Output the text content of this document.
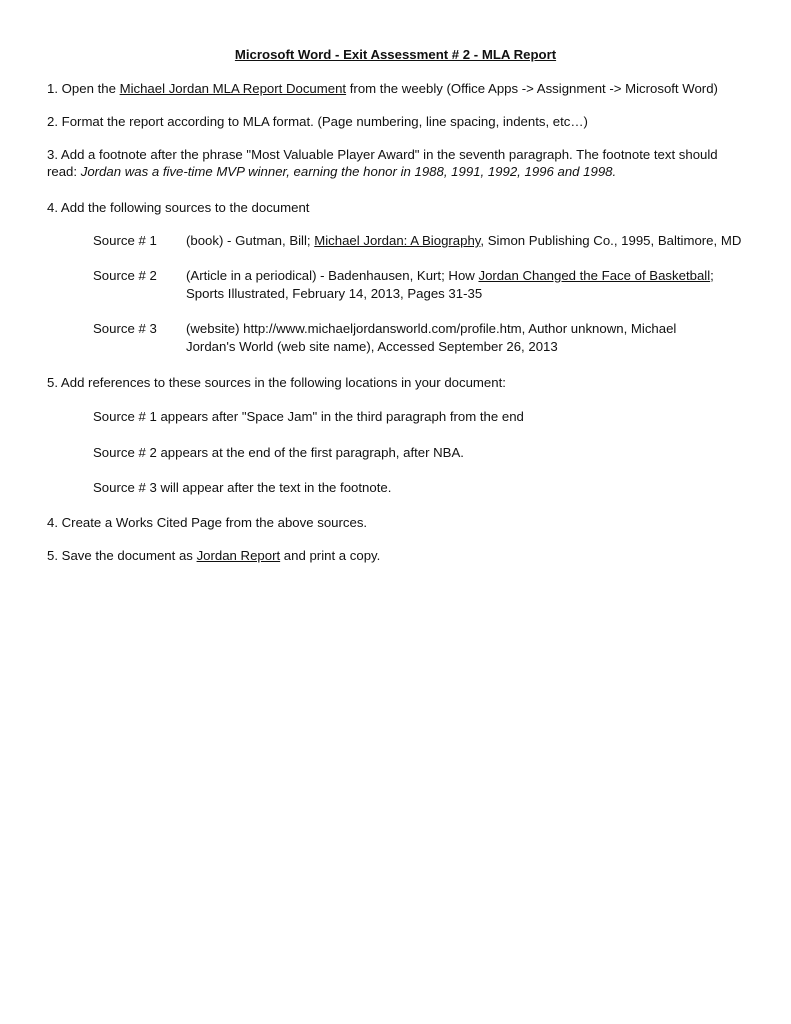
Microsoft Word - Exit Assessment # 2 - MLA Report
1. Open the Michael Jordan MLA Report Document from the weebly (Office Apps -> Assignment -> Microsoft Word)
2. Format the report according to MLA format. (Page numbering, line spacing, indents, etc…)
3. Add a footnote after the phrase "Most Valuable Player Award" in the seventh paragraph. The footnote text should
read: Jordan was a five-time MVP winner, earning the honor in 1988, 1991, 1992, 1996 and 1998.
4. Add the following sources to the document
Source # 1 (book) - Gutman, Bill; Michael Jordan: A Biography, Simon Publishing Co., 1995, Baltimore, MD
Source # 2 (Article in a periodical) - Badenhausen, Kurt; How Jordan Changed the Face of Basketball;
Sports Illustrated, February 14, 2013, Pages 31-35
Source # 3 (website) http://www.michaeljordansworld.com/profile.htm, Author unknown, Michael
Jordan's World (web site name), Accessed September 26, 2013
5. Add references to these sources in the following locations in your document:
Source # 1 appears after "Space Jam" in the third paragraph from the end
Source # 2 appears at the end of the first paragraph, after NBA.
Source # 3 will appear after the text in the footnote.
4. Create a Works Cited Page from the above sources.
5. Save the document as Jordan Report and print a copy.
